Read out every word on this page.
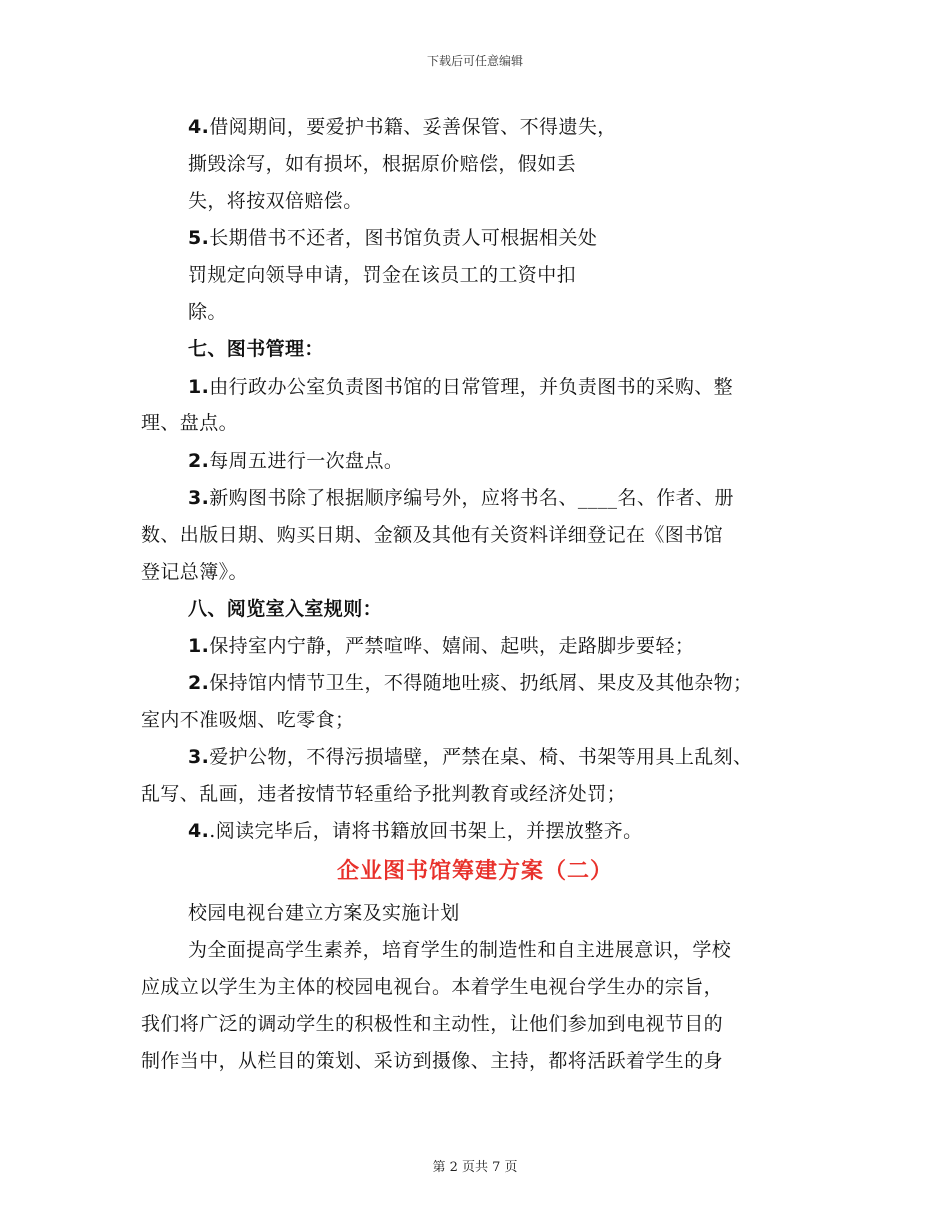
下载后可任意编辑
4.借阅期间，要爱护书籍、妥善保管、不得遗失，
撕毁涂写，如有损坏，根据原价赔偿，假如丢
失，将按双倍赔偿。
5.长期借书不还者，图书馆负责人可根据相关处
罚规定向领导申请，罚金在该员工的工资中扣
除。
七、图书管理：
1.由行政办公室负责图书馆的日常管理，并负责图书的采购、整
理、盘点。
2.每周五进行一次盘点。
3.新购图书除了根据顺序编号外，应将书名、____名、作者、册
数、出版日期、购买日期、金额及其他有关资料详细登记在《图书馆
登记总簿》。
八、阅览室入室规则：
1.保持室内宁静，严禁喧哗、嬉闹、起哄，走路脚步要轻；
2.保持馆内情节卫生，不得随地吐痰、扔纸屑、果皮及其他杂物；
室内不准吸烟、吃零食；
3.爱护公物，不得污损墙壁，严禁在桌、椅、书架等用具上乱刻、
乱写、乱画，违者按情节轻重给予批判教育或经济处罚；
4..阅读完毕后，请将书籍放回书架上，并摆放整齐。
企业图书馆筹建方案（二）
校园电视台建立方案及实施计划
为全面提高学生素养，培育学生的制造性和自主进展意识，学校
应成立以学生为主体的校园电视台。本着学生电视台学生办的宗旨，
我们将广泛的调动学生的积极性和主动性，让他们参加到电视节目的
制作当中，从栏目的策划、采访到摄像、主持，都将活跃着学生的身
第 2 页共 7 页
